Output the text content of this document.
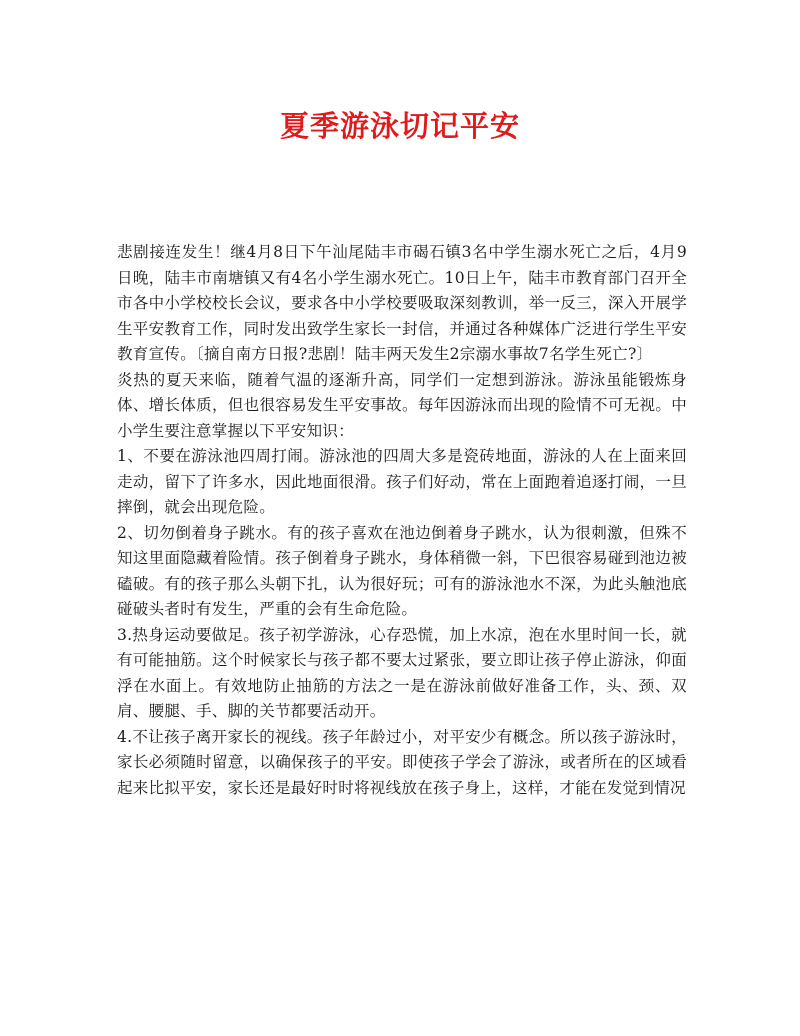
夏季游泳切记平安

悲剧接连发生！继4月8日下午汕尾陆丰市碣石镇3名中学生溺水死亡之后，4月9日晚，陆丰市南塘镇又有4名小学生溺水死亡。10日上午，陆丰市教育部门召开全市各中小学校校长会议，要求各中小学校要吸取深刻教训，举一反三，深入开展学生平安教育工作，同时发出致学生家长一封信，并通过各种媒体广泛进行学生平安教育宣传。〔摘自南方日报?悲剧！陆丰两天发生2宗溺水事故7名学生死亡?〕

炎热的夏天来临，随着气温的逐渐升高，同学们一定想到游泳。游泳虽能锻炼身体、增长体质，但也很容易发生平安事故。每年因游泳而出现的险情不可无视。中小学生要注意掌握以下平安知识：

1、不要在游泳池四周打闹。游泳池的四周大多是瓷砖地面，游泳的人在上面来回走动，留下了许多水，因此地面很滑。孩子们好动，常在上面跑着追逐打闹，一旦摔倒，就会出现危险。

2、切勿倒着身子跳水。有的孩子喜欢在池边倒着身子跳水，认为很刺激，但殊不知这里面隐藏着险情。孩子倒着身子跳水，身体稍微一斜，下巴很容易碰到池边被磕破。有的孩子那么头朝下扎，认为很好玩；可有的游泳池水不深，为此头触池底碰破头者时有发生，严重的会有生命危险。

3.热身运动要做足。孩子初学游泳，心存恐慌，加上水凉，泡在水里时间一长，就有可能抽筋。这个时候家长与孩子都不要太过紧张，要立即让孩子停止游泳，仰面浮在水面上。有效地防止抽筋的方法之一是在游泳前做好准备工作，头、颈、双肩、腰腿、手、脚的关节都要活动开。

4.不让孩子离开家长的视线。孩子年龄过小，对平安少有概念。所以孩子游泳时，家长必须随时留意，以确保孩子的平安。即使孩子学会了游泳，或者所在的区域看起来比拟平安，家长还是最好时时将视线放在孩子身上，这样，才能在发觉到情况
